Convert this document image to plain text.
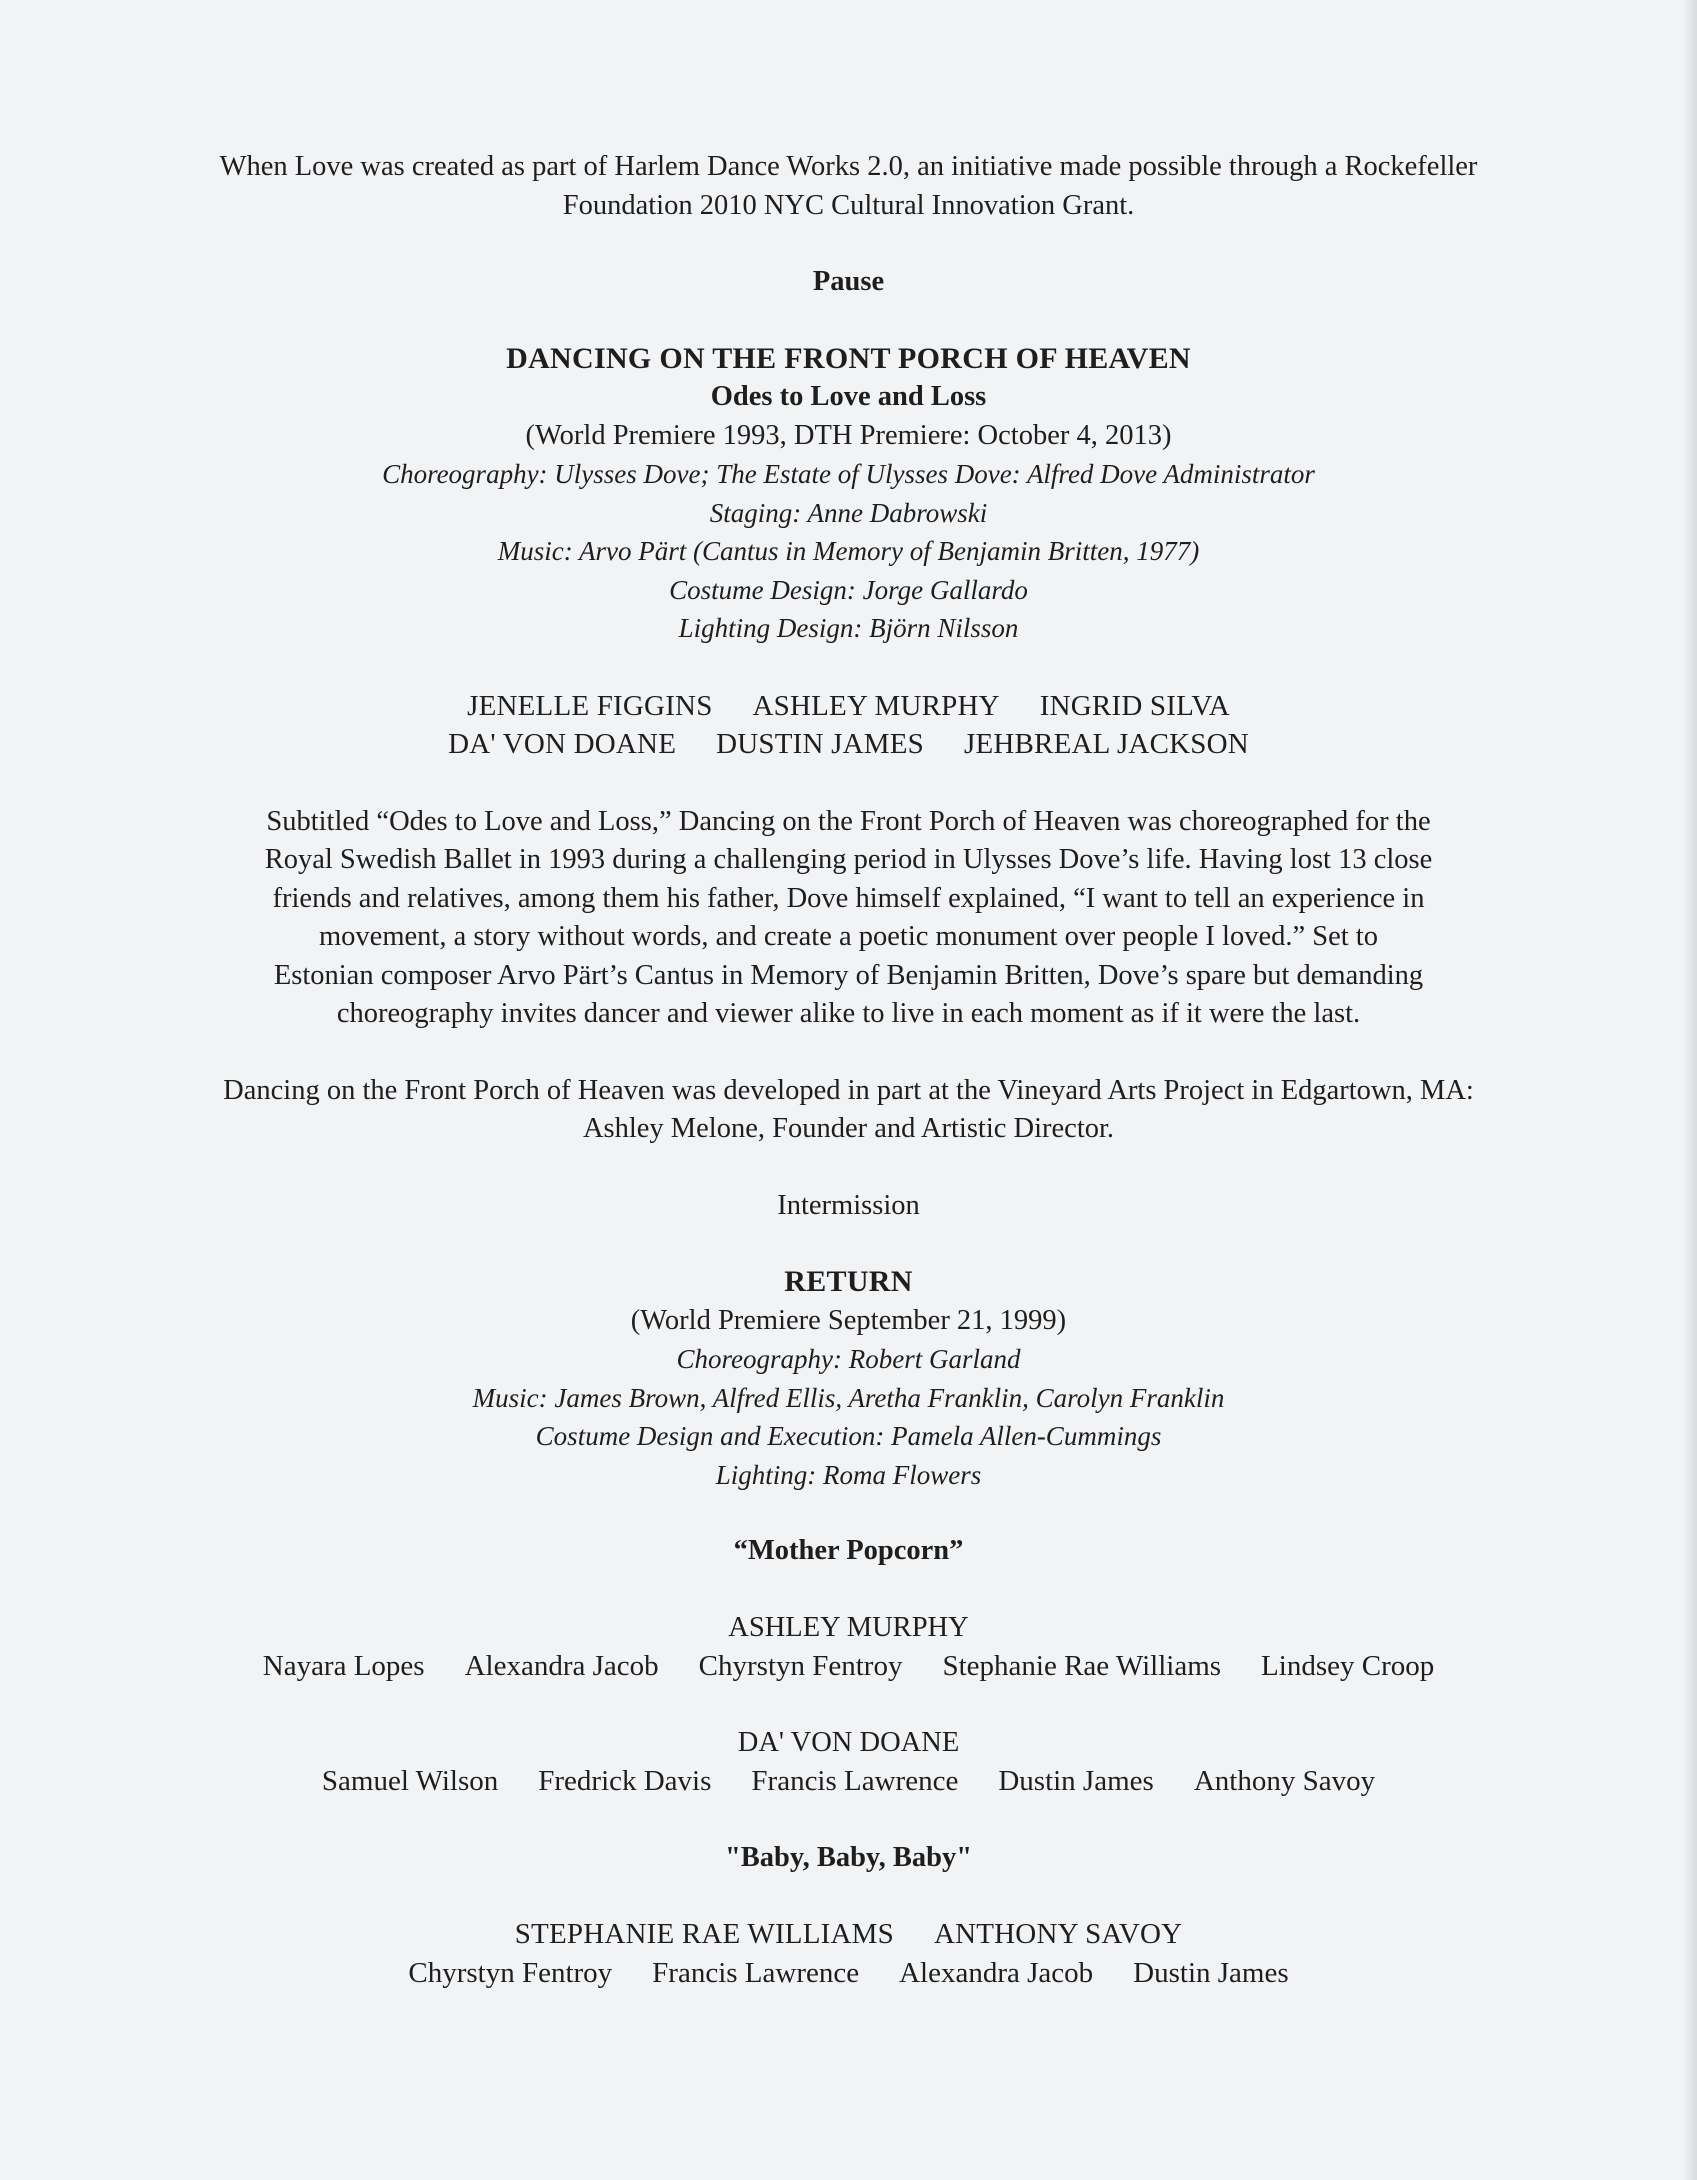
When Love was created as part of Harlem Dance Works 2.0, an initiative made possible through a Rockefeller

Foundation 2010 NYC Cultural Innovation Grant.

Pause

DANCING ON THE FRONT PORCH OF HEAVEN

Odes to Love and Loss

(World Premiere 1993, DTH Premiere: October 4, 2013)

Choreography: Ulysses Dove; The Estate of Ulysses Dove: Alfred Dove Administrator

Staging: Anne Dabrowski

Music: Arvo Pärt (Cantus in Memory of Benjamin Britten, 1977)

Costume Design: Jorge Gallardo

Lighting Design: Björn Nilsson

JENELLE FIGGINS ASHLEY MURPHY INGRID SILVA
DA' VON DOANE DUSTIN JAMES JEHBREAL JACKSON

Subtitled “Odes to Love and Loss,” Dancing on the Front Porch of Heaven was choreographed for the

Royal Swedish Ballet in 1993 during a challenging period in Ulysses Dove’s life. Having lost 13 close

friends and relatives, among them his father, Dove himself explained, “I want to tell an experience in

movement, a story without words, and create a poetic monument over people I loved.” Set to

Estonian composer Arvo Pärt’s Cantus in Memory of Benjamin Britten, Dove’s spare but demanding

choreography invites dancer and viewer alike to live in each moment as if it were the last.

Dancing on the Front Porch of Heaven was developed in part at the Vineyard Arts Project in Edgartown, MA:

Ashley Melone, Founder and Artistic Director.

Intermission

RETURN

(World Premiere September 21, 1999)

Choreography: Robert Garland

Music: James Brown, Alfred Ellis, Aretha Franklin, Carolyn Franklin

Costume Design and Execution: Pamela Allen-Cummings

Lighting: Roma Flowers

“Mother Popcorn”

ASHLEY MURPHY

Nayara Lopes Alexandra Jacob Chyrstyn Fentroy Stephanie Rae Williams Lindsey Croop

DA' VON DOANE

Samuel Wilson Fredrick Davis Francis Lawrence Dustin James Anthony Savoy

"Baby, Baby, Baby"

STEPHANIE RAE WILLIAMS ANTHONY SAVOY
Chyrstyn Fentroy Francis Lawrence Alexandra Jacob Dustin James
